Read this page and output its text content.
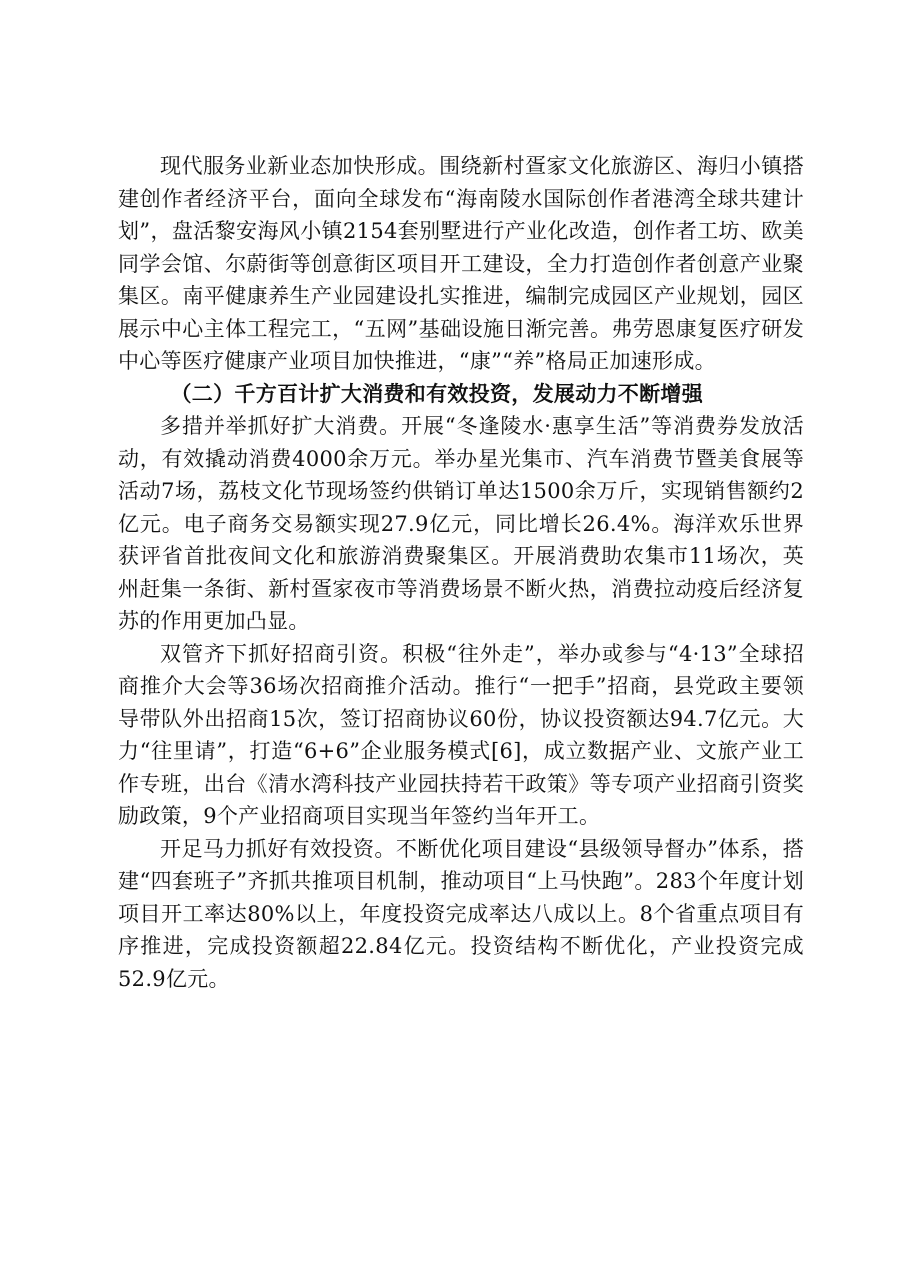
现代服务业新业态加快形成。围绕新村疍家文化旅游区、海归小镇搭建创作者经济平台，面向全球发布“海南陵水国际创作者港湾全球共建计划”，盘活黎安海风小镇2154套别墅进行产业化改造，创作者工坊、欧美同学会馆、尔蔚街等创意街区项目开工建设，全力打造创作者创意产业聚集区。南平健康养生产业园建设扎实推进，编制完成园区产业规划，园区展示中心主体工程完工，“五网”基础设施日渐完善。弗劳恩康复医疗研发中心等医疗健康产业项目加快推进，“康”“养”格局正加速形成。

（二）千方百计扩大消费和有效投资，发展动力不断增强

多措并举抓好扩大消费。开展“冬逢陵水·惠享生活”等消费券发放活动，有效撬动消费4000余万元。举办星光集市、汽车消费节暨美食展等活动7场，荔枝文化节现场签约供销订单达1500余万斤，实现销售额约2亿元。电子商务交易额实现27.9亿元，同比增长26.4%。海洋欢乐世界获评省首批夜间文化和旅游消费聚集区。开展消费助农集市11场次，英州赶集一条街、新村疍家夜市等消费场景不断火热，消费拉动疫后经济复苏的作用更加凸显。

双管齐下抓好招商引资。积极“往外走”，举办或参与“4·13”全球招商推介大会等36场次招商推介活动。推行“一把手”招商，县党政主要领导带队外出招商15次，签订招商协议60份，协议投资额达94.7亿元。大力“往里请”，打造“6+6”企业服务模式[6]，成立数据产业、文旅产业工作专班，出台《清水湾科技产业园扶持若干政策》等专项产业招商引资奖励政策，9个产业招商项目实现当年签约当年开工。

开足马力抓好有效投资。不断优化项目建设“县级领导督办”体系，搭建“四套班子”齐抓共推项目机制，推动项目“上马快跑”。283个年度计划项目开工率达80%以上，年度投资完成率达八成以上。8个省重点项目有序推进，完成投资额超22.84亿元。投资结构不断优化，产业投资完成52.9亿元。
